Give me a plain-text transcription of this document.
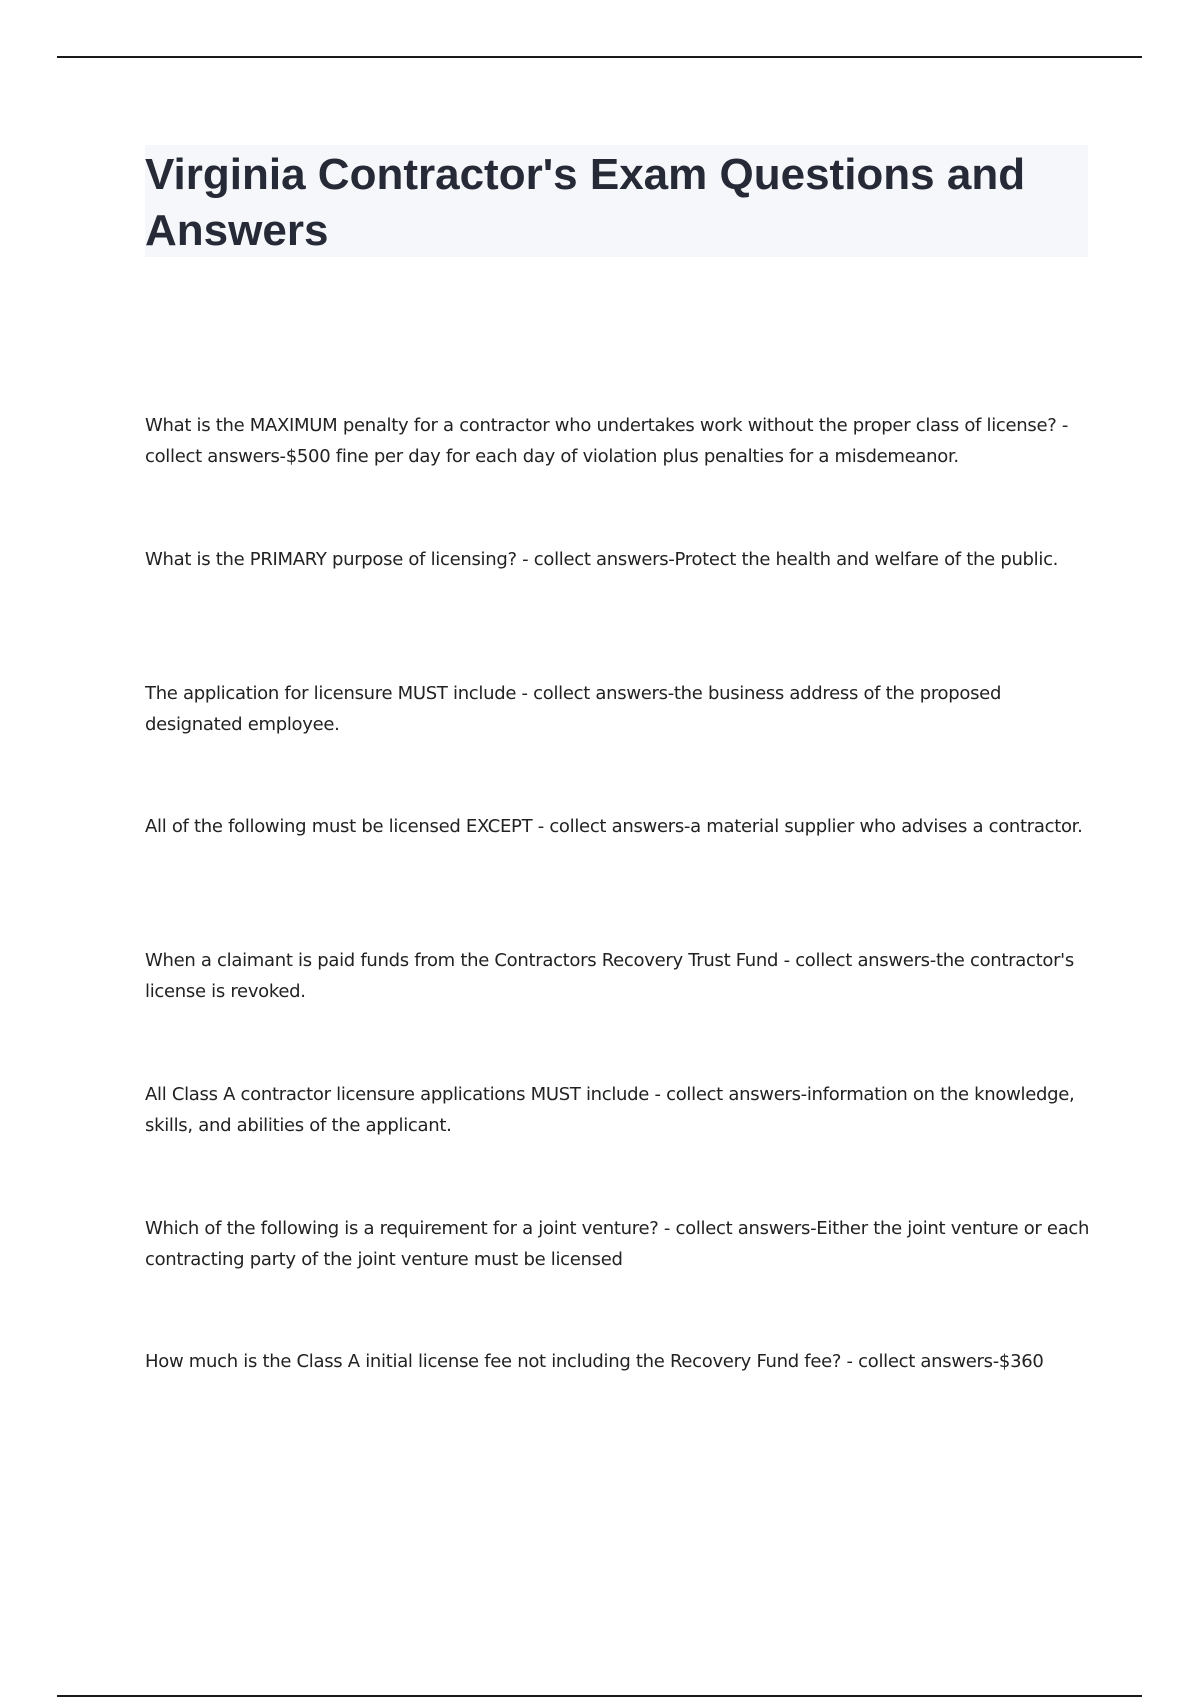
Virginia Contractor's Exam Questions and Answers

What is the MAXIMUM penalty for a contractor who undertakes work without the proper class of license? - collect answers-$500 fine per day for each day of violation plus penalties for a misdemeanor.

What is the PRIMARY purpose of licensing? - collect answers-Protect the health and welfare of the public.

The application for licensure MUST include - collect answers-the business address of the proposed designated employee.

All of the following must be licensed EXCEPT - collect answers-a material supplier who advises a contractor.

When a claimant is paid funds from the Contractors Recovery Trust Fund - collect answers-the contractor's license is revoked.

All Class A contractor licensure applications MUST include - collect answers-information on the knowledge, skills, and abilities of the applicant.

Which of the following is a requirement for a joint venture? - collect answers-Either the joint venture or each contracting party of the joint venture must be licensed

How much is the Class A initial license fee not including the Recovery Fund fee? - collect answers-$360
